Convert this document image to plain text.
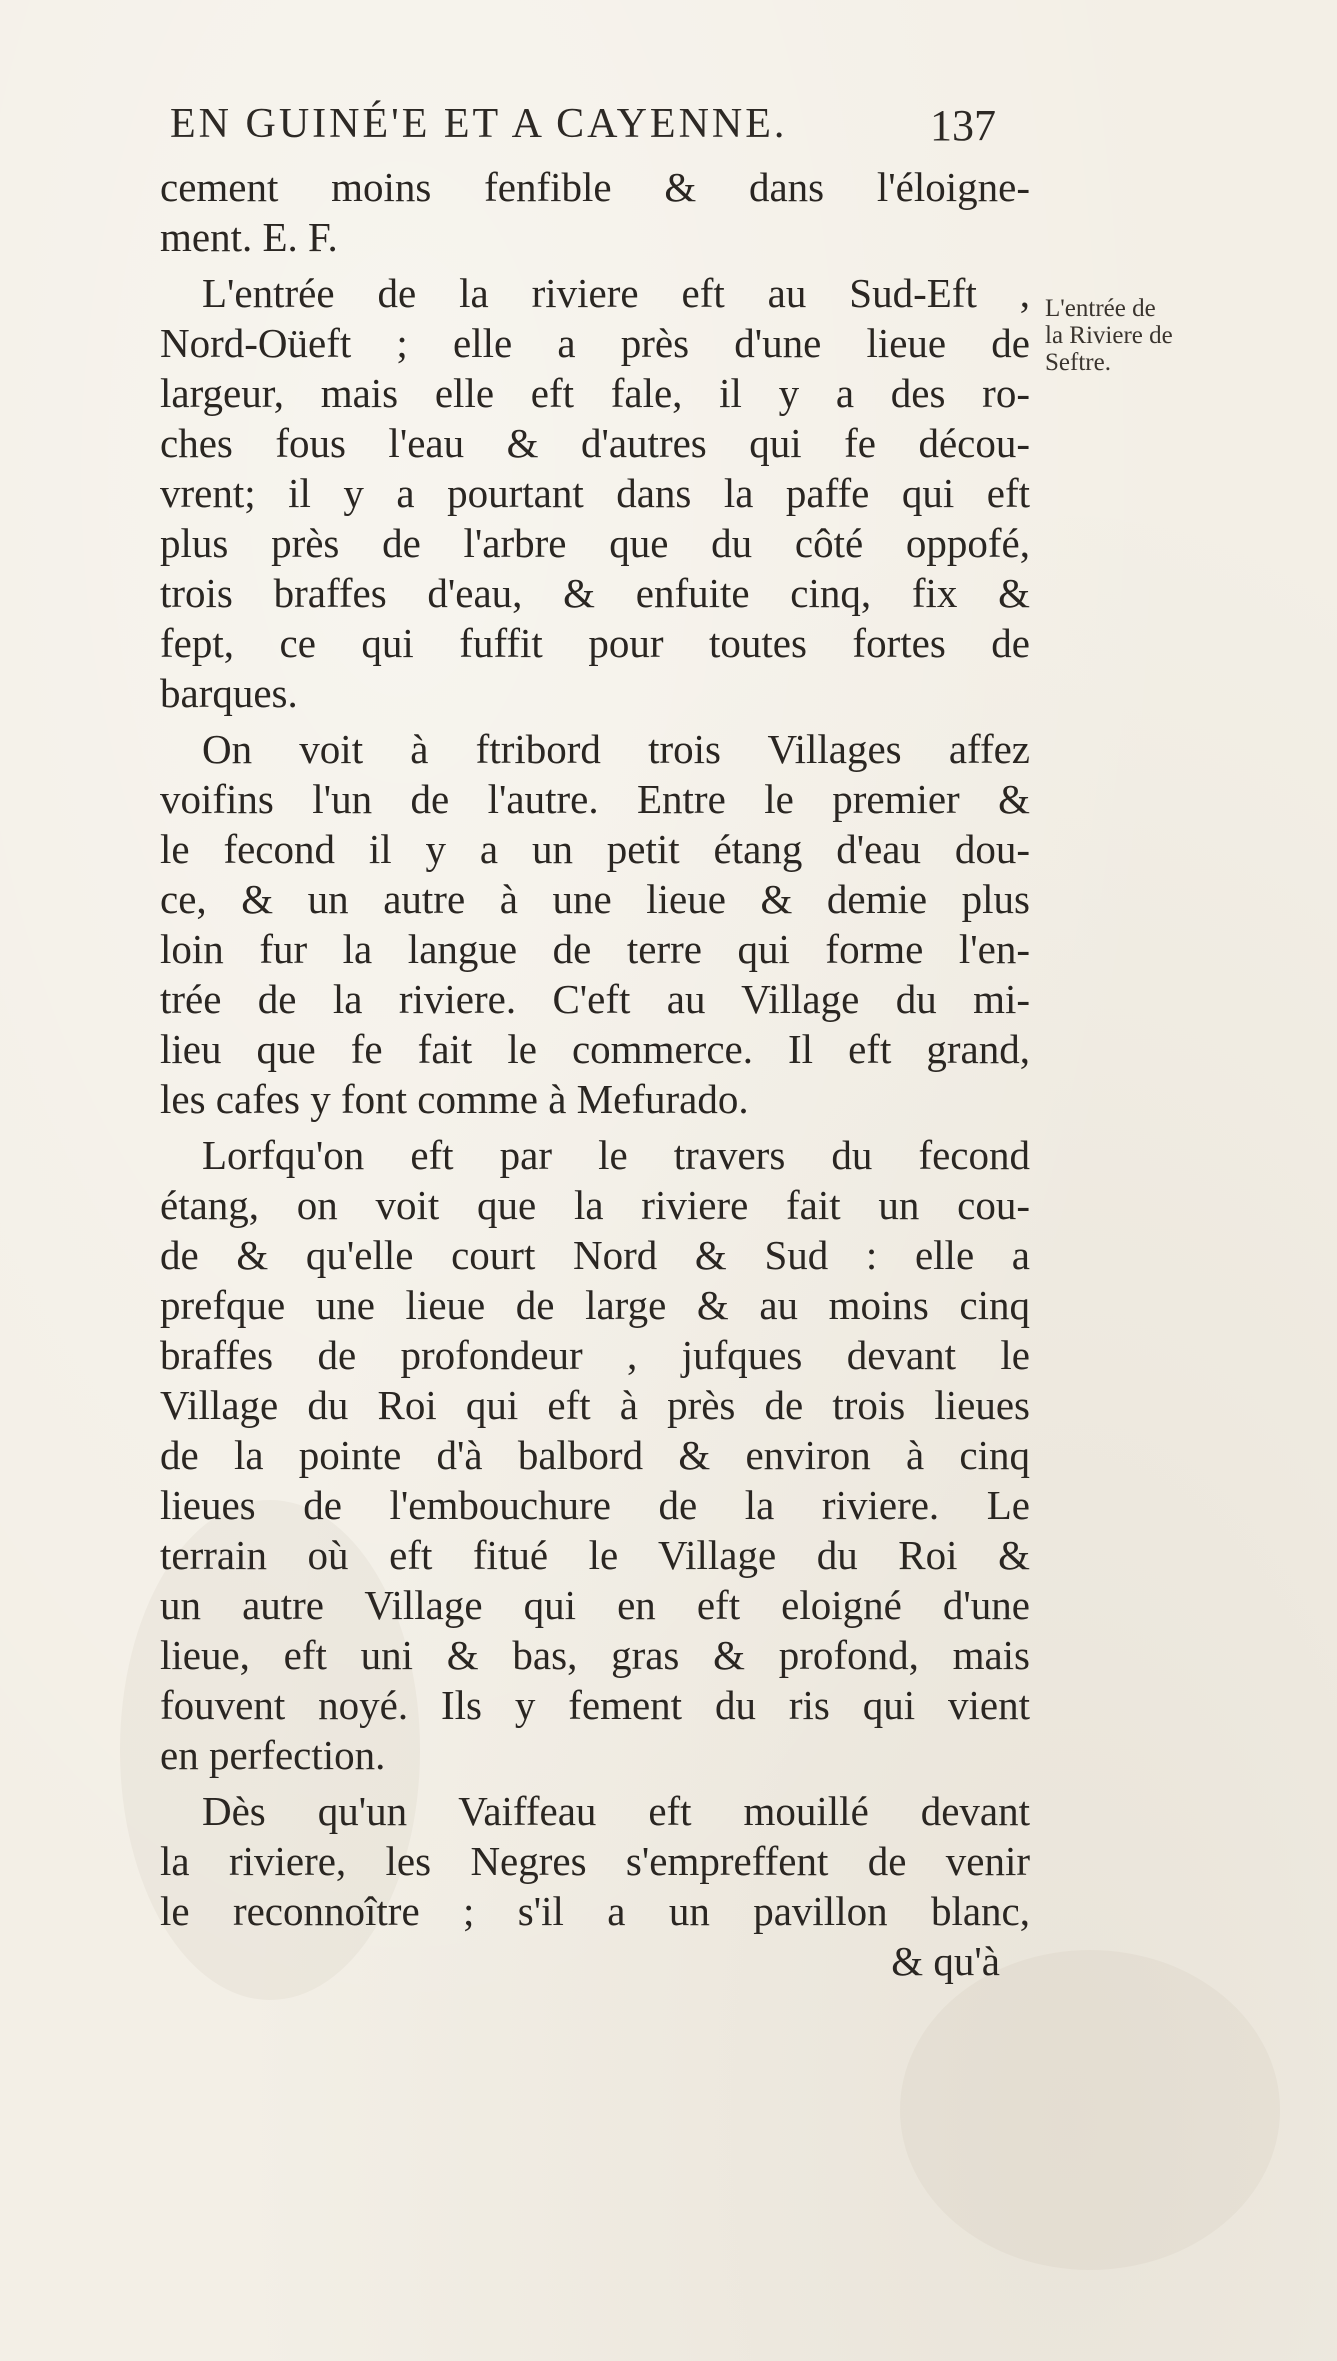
EN GUINÉ'E ET A CAYENNE.	137
L'entrée de
la Riviere de
Seftre.
cement moins fenfible & dans l'éloigne-
ment. E. F.
L'entrée de la riviere eft au Sud-Eft ,
Nord-Oüeft ; elle a près d'une lieue de
largeur, mais elle eft fale, il y a des ro-
ches fous l'eau & d'autres qui fe décou-
vrent; il y a pourtant dans la paffe qui eft
plus près de l'arbre que du côté oppofé,
trois braffes d'eau, & enfuite cinq, fix &
fept, ce qui fuffit pour toutes fortes de
barques.
On voit à ftribord trois Villages affez
voifins l'un de l'autre. Entre le premier &
le fecond il y a un petit étang d'eau dou-
ce, & un autre à une lieue & demie plus
loin fur la langue de terre qui forme l'en-
trée de la riviere. C'eft au Village du mi-
lieu que fe fait le commerce. Il eft grand,
les cafes y font comme à Mefurado.
Lorfqu'on eft par le travers du fecond
étang, on voit que la riviere fait un cou-
de & qu'elle court Nord & Sud : elle a
prefque une lieue de large & au moins cinq
braffes de profondeur , jufques devant le
Village du Roi qui eft à près de trois lieues
de la pointe d'à balbord & environ à cinq
lieues de l'embouchure de la riviere. Le
terrain où eft fitué le Village du Roi &
un autre Village qui en eft eloigné d'une
lieue, eft uni & bas, gras & profond, mais
fouvent noyé. Ils y fement du ris qui vient
en perfection.
Dès qu'un Vaiffeau eft mouillé devant
la riviere, les Negres s'empreffent de venir
le reconnoître ; s'il a un pavillon blanc,
& qu'à
